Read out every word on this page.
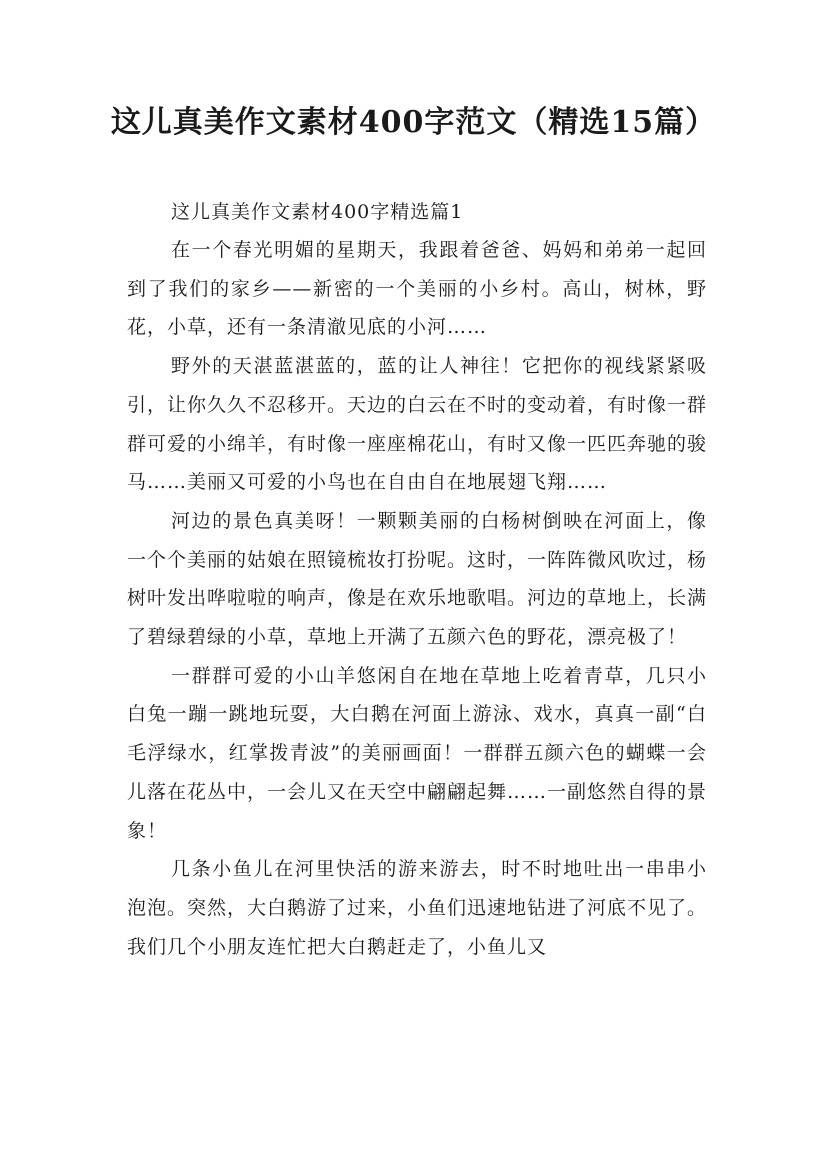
这儿真美作文素材400字范文（精选15篇）

这儿真美作文素材400字精选篇1

在一个春光明媚的星期天，我跟着爸爸、妈妈和弟弟一起回到了我们的家乡——新密的一个美丽的小乡村。高山，树林，野花，小草，还有一条清澈见底的小河……

野外的天湛蓝湛蓝的，蓝的让人神往！它把你的视线紧紧吸引，让你久久不忍移开。天边的白云在不时的变动着，有时像一群群可爱的小绵羊，有时像一座座棉花山，有时又像一匹匹奔驰的骏马……美丽又可爱的小鸟也在自由自在地展翅飞翔……

河边的景色真美呀！一颗颗美丽的白杨树倒映在河面上，像一个个美丽的姑娘在照镜梳妆打扮呢。这时，一阵阵微风吹过，杨树叶发出哗啦啦的响声，像是在欢乐地歌唱。河边的草地上，长满了碧绿碧绿的小草，草地上开满了五颜六色的野花，漂亮极了！

一群群可爱的小山羊悠闲自在地在草地上吃着青草，几只小白兔一蹦一跳地玩耍，大白鹅在河面上游泳、戏水，真真一副“白毛浮绿水，红掌拨青波”的美丽画面！一群群五颜六色的蝴蝶一会儿落在花丛中，一会儿又在天空中翩翩起舞……一副悠然自得的景象！

几条小鱼儿在河里快活的游来游去，时不时地吐出一串串小泡泡。突然，大白鹅游了过来，小鱼们迅速地钻进了河底不见了。我们几个小朋友连忙把大白鹅赶走了，小鱼儿又
